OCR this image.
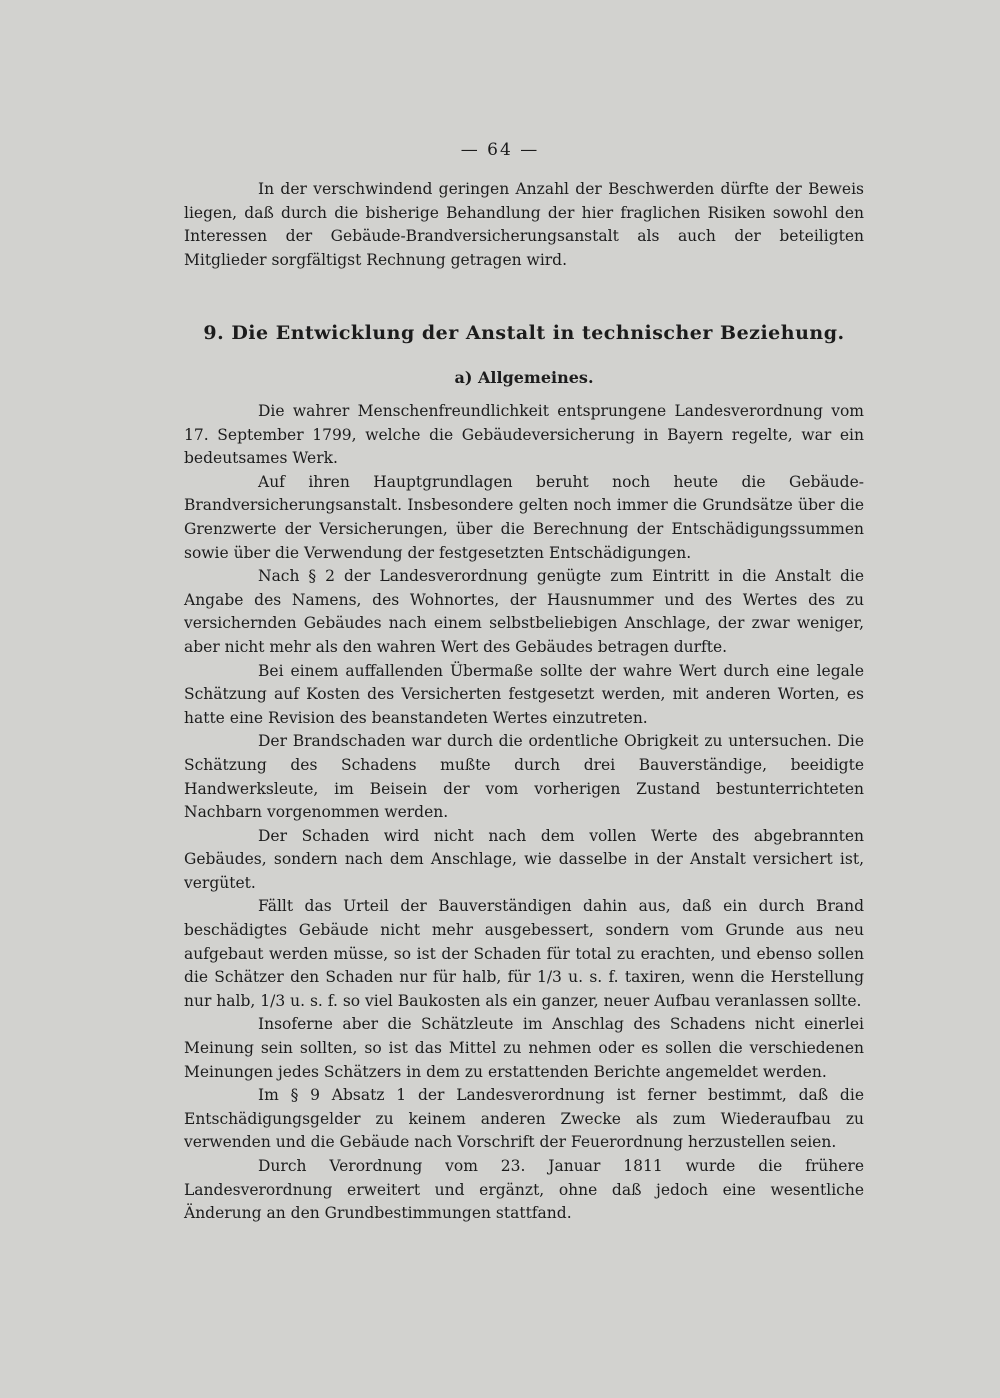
— 64 —

In der verschwindend geringen Anzahl der Beschwerden dürfte der Beweis liegen, daß durch die bisherige Behandlung der hier fraglichen Risiken sowohl den Interessen der Gebäude-Brandversicherungsanstalt als auch der beteiligten Mitglieder sorgfältigst Rechnung getragen wird.

9. Die Entwicklung der Anstalt in technischer Beziehung.
a) Allgemeines.

Die wahrer Menschenfreundlichkeit entsprungene Landesverordnung vom 17. September 1799, welche die Gebäudeversicherung in Bayern regelte, war ein bedeutsames Werk.

Auf ihren Hauptgrundlagen beruht noch heute die Gebäude-Brandversicherungsanstalt. Insbesondere gelten noch immer die Grundsätze über die Grenzwerte der Versicherungen, über die Berechnung der Entschädigungssummen sowie über die Verwendung der festgesetzten Entschädigungen.

Nach § 2 der Landesverordnung genügte zum Eintritt in die Anstalt die Angabe des Namens, des Wohnortes, der Hausnummer und des Wertes des zu versichernden Gebäudes nach einem selbstbeliebigen Anschlage, der zwar weniger, aber nicht mehr als den wahren Wert des Gebäudes betragen durfte.

Bei einem auffallenden Übermaße sollte der wahre Wert durch eine legale Schätzung auf Kosten des Versicherten festgesetzt werden, mit anderen Worten, es hatte eine Revision des beanstandeten Wertes einzutreten.

Der Brandschaden war durch die ordentliche Obrigkeit zu untersuchen. Die Schätzung des Schadens mußte durch drei Bauverständige, beeidigte Handwerksleute, im Beisein der vom vorherigen Zustand bestunterrichteten Nachbarn vorgenommen werden.

Der Schaden wird nicht nach dem vollen Werte des abgebrannten Gebäudes, sondern nach dem Anschlage, wie dasselbe in der Anstalt versichert ist, vergütet.

Fällt das Urteil der Bauverständigen dahin aus, daß ein durch Brand beschädigtes Gebäude nicht mehr ausgebessert, sondern vom Grunde aus neu aufgebaut werden müsse, so ist der Schaden für total zu erachten, und ebenso sollen die Schätzer den Schaden nur für halb, für 1/3 u. s. f. taxiren, wenn die Herstellung nur halb, 1/3 u. s. f. so viel Baukosten als ein ganzer, neuer Aufbau veranlassen sollte.

Insoferne aber die Schätzleute im Anschlag des Schadens nicht einerlei Meinung sein sollten, so ist das Mittel zu nehmen oder es sollen die verschiedenen Meinungen jedes Schätzers in dem zu erstattenden Berichte angemeldet werden.

Im § 9 Absatz 1 der Landesverordnung ist ferner bestimmt, daß die Entschädigungsgelder zu keinem anderen Zwecke als zum Wiederaufbau zu verwenden und die Gebäude nach Vorschrift der Feuerordnung herzustellen seien.

Durch Verordnung vom 23. Januar 1811 wurde die frühere Landesverordnung erweitert und ergänzt, ohne daß jedoch eine wesentliche Änderung an den Grundbestimmungen stattfand.
